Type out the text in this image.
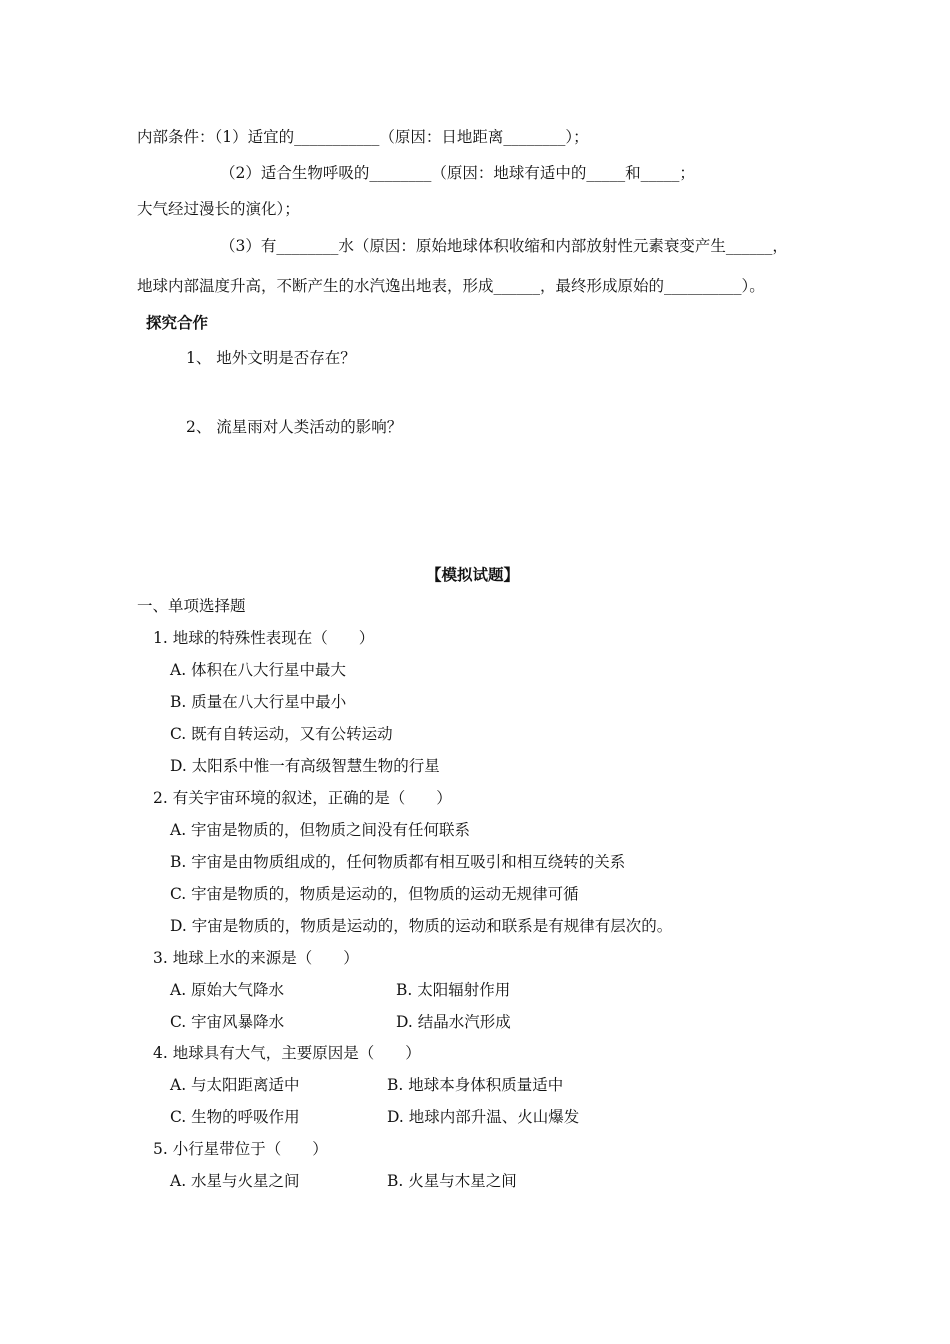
内部条件：（1）适宜的___________（原因：日地距离________）；
（2）适合生物呼吸的________（原因：地球有适中的_____和_____；
大气经过漫长的演化）；
（3）有________水（原因：原始地球体积收缩和内部放射性元素衰变产生______，
地球内部温度升高，不断产生的水汽逸出地表，形成______，最终形成原始的__________）。
探究合作
1、 地外文明是否存在？
2、 流星雨对人类活动的影响？
【模拟试题】
一、单项选择题
1. 地球的特殊性表现在（　　）
A. 体积在八大行星中最大
B. 质量在八大行星中最小
C. 既有自转运动，又有公转运动
D. 太阳系中惟一有高级智慧生物的行星
2. 有关宇宙环境的叙述，正确的是（　　）
A. 宇宙是物质的，但物质之间没有任何联系
B. 宇宙是由物质组成的，任何物质都有相互吸引和相互绕转的关系
C. 宇宙是物质的，物质是运动的，但物质的运动无规律可循
D. 宇宙是物质的，物质是运动的，物质的运动和联系是有规律有层次的。
3. 地球上水的来源是（　　）
A. 原始大气降水	B. 太阳辐射作用
C. 宇宙风暴降水	D. 结晶水汽形成
4. 地球具有大气，主要原因是（　　）
A. 与太阳距离适中	B. 地球本身体积质量适中
C. 生物的呼吸作用	D. 地球内部升温、火山爆发
5. 小行星带位于（　　）
A. 水星与火星之间	B. 火星与木星之间
